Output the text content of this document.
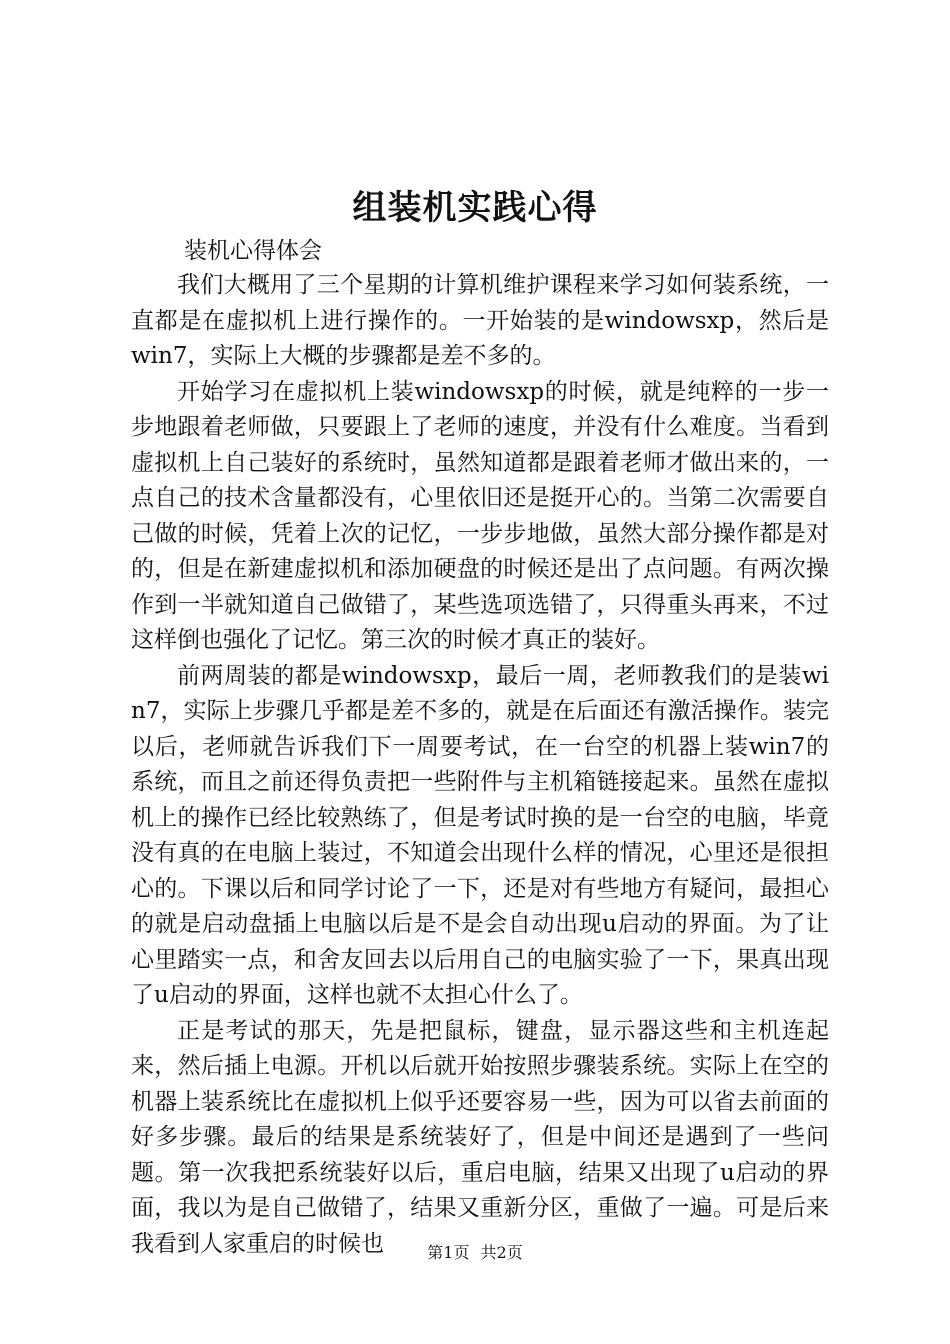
组装机实践心得
装机心得体会

我们大概用了三个星期的计算机维护课程来学习如何装系统，一直都是在虚拟机上进行操作的。一开始装的是windowsxp，然后是win7，实际上大概的步骤都是差不多的。

开始学习在虚拟机上装windowsxp的时候，就是纯粹的一步一步地跟着老师做，只要跟上了老师的速度，并没有什么难度。当看到虚拟机上自己装好的系统时，虽然知道都是跟着老师才做出来的，一点自己的技术含量都没有，心里依旧还是挺开心的。当第二次需要自己做的时候，凭着上次的记忆，一步步地做，虽然大部分操作都是对的，但是在新建虚拟机和添加硬盘的时候还是出了点问题。有两次操作到一半就知道自己做错了，某些选项选错了，只得重头再来，不过这样倒也强化了记忆。第三次的时候才真正的装好。

前两周装的都是windowsxp，最后一周，老师教我们的是装win7，实际上步骤几乎都是差不多的，就是在后面还有激活操作。装完以后，老师就告诉我们下一周要考试，在一台空的机器上装win7的系统，而且之前还得负责把一些附件与主机箱链接起来。虽然在虚拟机上的操作已经比较熟练了，但是考试时换的是一台空的电脑，毕竟没有真的在电脑上装过，不知道会出现什么样的情况，心里还是很担心的。下课以后和同学讨论了一下，还是对有些地方有疑问，最担心的就是启动盘插上电脑以后是不是会自动出现u启动的界面。为了让心里踏实一点，和舍友回去以后用自己的电脑实验了一下，果真出现了u启动的界面，这样也就不太担心什么了。

正是考试的那天，先是把鼠标，键盘，显示器这些和主机连起来，然后插上电源。开机以后就开始按照步骤装系统。实际上在空的机器上装系统比在虚拟机上似乎还要容易一些，因为可以省去前面的好多步骤。最后的结果是系统装好了，但是中间还是遇到了一些问题。第一次我把系统装好以后，重启电脑，结果又出现了u启动的界面，我以为是自己做错了，结果又重新分区，重做了一遍。可是后来我看到人家重启的时候也	第1页 共2页
